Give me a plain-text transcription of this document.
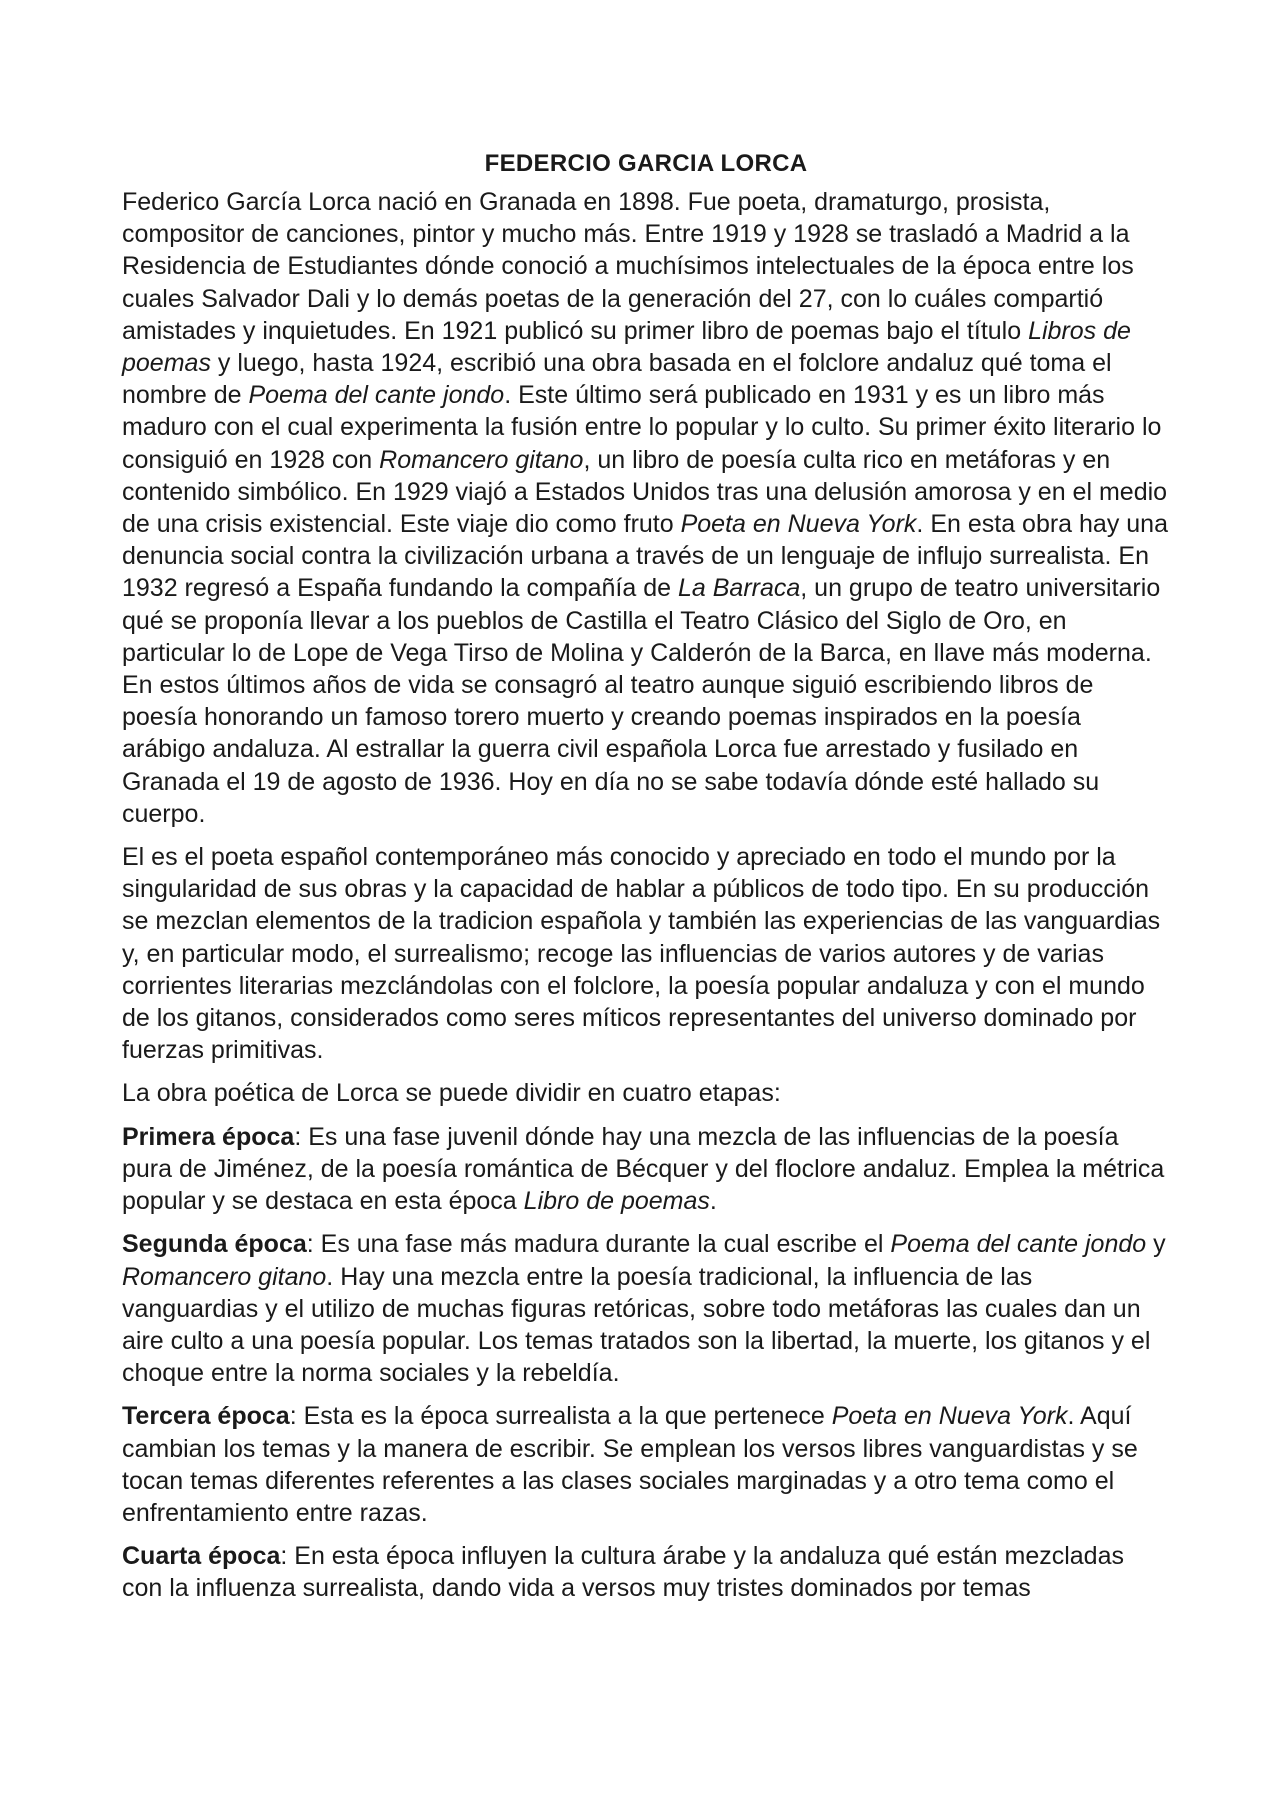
FEDERCIO GARCIA LORCA

Federico García Lorca nació en Granada en 1898. Fue poeta, dramaturgo, prosista, compositor de canciones, pintor y mucho más. Entre 1919 y 1928 se trasladó a Madrid a la Residencia de Estudiantes dónde conoció a muchísimos intelectuales de la época entre los cuales Salvador Dali y lo demás poetas de la generación del 27, con lo cuáles compartió amistades y inquietudes. En 1921 publicó su primer libro de poemas bajo el título Libros de poemas y luego, hasta 1924, escribió una obra basada en el folclore andaluz qué toma el nombre de Poema del cante jondo. Este último será publicado en 1931 y es un libro más maduro con el cual experimenta la fusión entre lo popular y lo culto. Su primer éxito literario lo consiguió en 1928 con Romancero gitano, un libro de poesía culta rico en metáforas y en contenido simbólico. En 1929 viajó a Estados Unidos tras una delusión amorosa y en el medio de una crisis existencial. Este viaje dio como fruto Poeta en Nueva York. En esta obra hay una denuncia social contra la civilización urbana a través de un lenguaje de influjo surrealista. En 1932 regresó a España fundando la compañía de La Barraca, un grupo de teatro universitario qué se proponía llevar a los pueblos de Castilla el Teatro Clásico del Siglo de Oro, en particular lo de Lope de Vega Tirso de Molina y Calderón de la Barca, en llave más moderna. En estos últimos años de vida se consagró al teatro aunque siguió escribiendo libros de poesía honorando un famoso torero muerto y creando poemas inspirados en la poesía arábigo andaluza. Al estrallar la guerra civil española Lorca fue arrestado y fusilado en Granada el 19 de agosto de 1936. Hoy en día no se sabe todavía dónde esté hallado su cuerpo.

El es el poeta español contemporáneo más conocido y apreciado en todo el mundo por la singularidad de sus obras y la capacidad de hablar a públicos de todo tipo. En su producción se mezclan elementos de la tradicion española y también las experiencias de las vanguardias y, en particular modo, el surrealismo; recoge las influencias de varios autores y de varias corrientes literarias mezclándolas con el folclore, la poesía popular andaluza y con el mundo de los gitanos, considerados como seres míticos representantes del universo dominado por fuerzas primitivas.

La obra poética de Lorca se puede dividir en cuatro etapas:

Primera época: Es una fase juvenil dónde hay una mezcla de las influencias de la poesía pura de Jiménez, de la poesía romántica de Bécquer y del floclore andaluz. Emplea la métrica popular y se destaca en esta época Libro de poemas.

Segunda época: Es una fase más madura durante la cual escribe el Poema del cante jondo y Romancero gitano. Hay una mezcla entre la poesía tradicional, la influencia de las vanguardias y el utilizo de muchas figuras retóricas, sobre todo metáforas las cuales dan un aire culto a una poesía popular. Los temas tratados son la libertad, la muerte, los gitanos y el choque entre la norma sociales y la rebeldía.

Tercera época: Esta es la época surrealista a la que pertenece Poeta en Nueva York. Aquí cambian los temas y la manera de escribir. Se emplean los versos libres vanguardistas y se tocan temas diferentes referentes a las clases sociales marginadas y a otro tema como el enfrentamiento entre razas.

Cuarta época: En esta época influyen la cultura árabe y la andaluza qué están mezcladas con la influenza surrealista, dando vida a versos muy tristes dominados por temas
